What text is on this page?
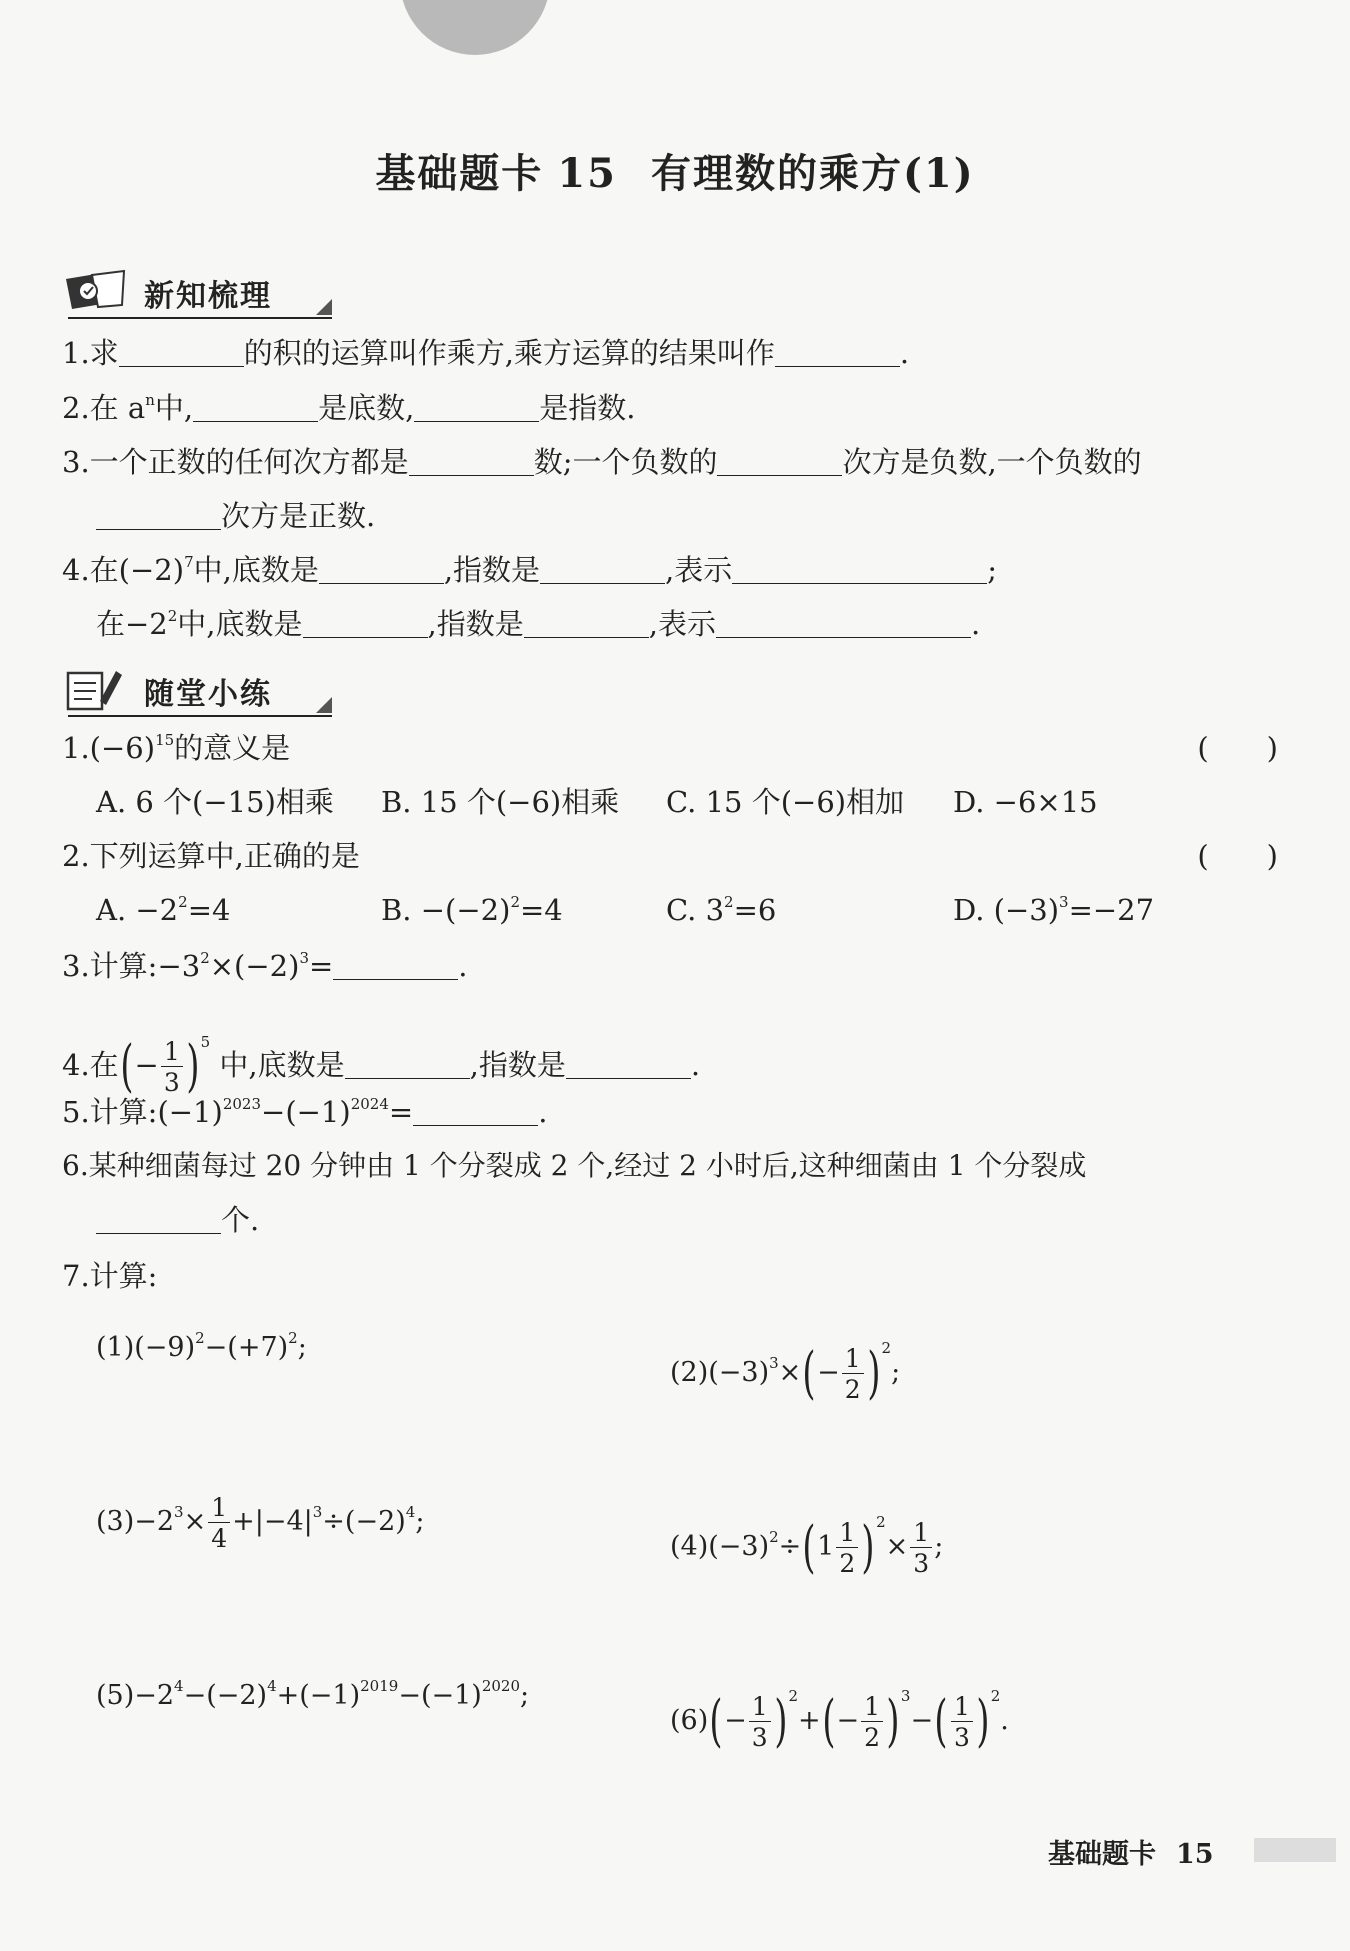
基础题卡 15 有理数的乘方(1)
新知梳理
1.求	的积的运算叫作乘方,乘方运算的结果叫作	.
2.在 $a^n$中,	是底数,	是指数.
3.一个正数的任何次方都是	数;一个负数的	次方是负数,一个负数的
次方是正数.
4.在$(-2)^7$中,底数是	,指数是	,表示	;
在$-2^2$中,底数是	,指数是	,表示	.
随堂小练
$1.(-6)^{15}$的意义是	(　　)
A. 6 个(−15)相乘 B. 15 个(−6)相乘 C. 15 个(−6)相加 D. −6×15
2.下列运算中,正确的是	(　　)
A. $-2^2=4$	B. $-(-2)^2=4$	C. $3^2=6$	D. $(-3)^3=-27$
3.计算$:-3^2\times(-2)^3=$	.
4.在(− $\frac{1}{3} )^5$ 中,底数是	,指数是	.
5.计算$:(-1)^{2023}-(-1)^{2024}=$	.
6.某种细菌每过 20 分钟由 1 个分裂成 2 个,经过 2 小时后,这种细菌由 1 个分裂成
个.
7.计算:
$(1)(-9)^2-(+7)^2$;
$(2)(-3)^3\times(- \frac{1}{2} )^2$;
$(3)-2^3\times \frac{1}{4} +|-4|^3\div(-2)^4$;
$(4)(-3)^2\div(1 \frac{1}{2} )^2\times \frac{1}{3}$ ;
$(5)-2^4-(-2)^4+(-1)^{2019}-(-1)^{2020}$;
$(6)(- \frac{1}{3} )^2+(- \frac{1}{2} )^3-( \frac{1}{3} )^2$.
基础题卡 15
